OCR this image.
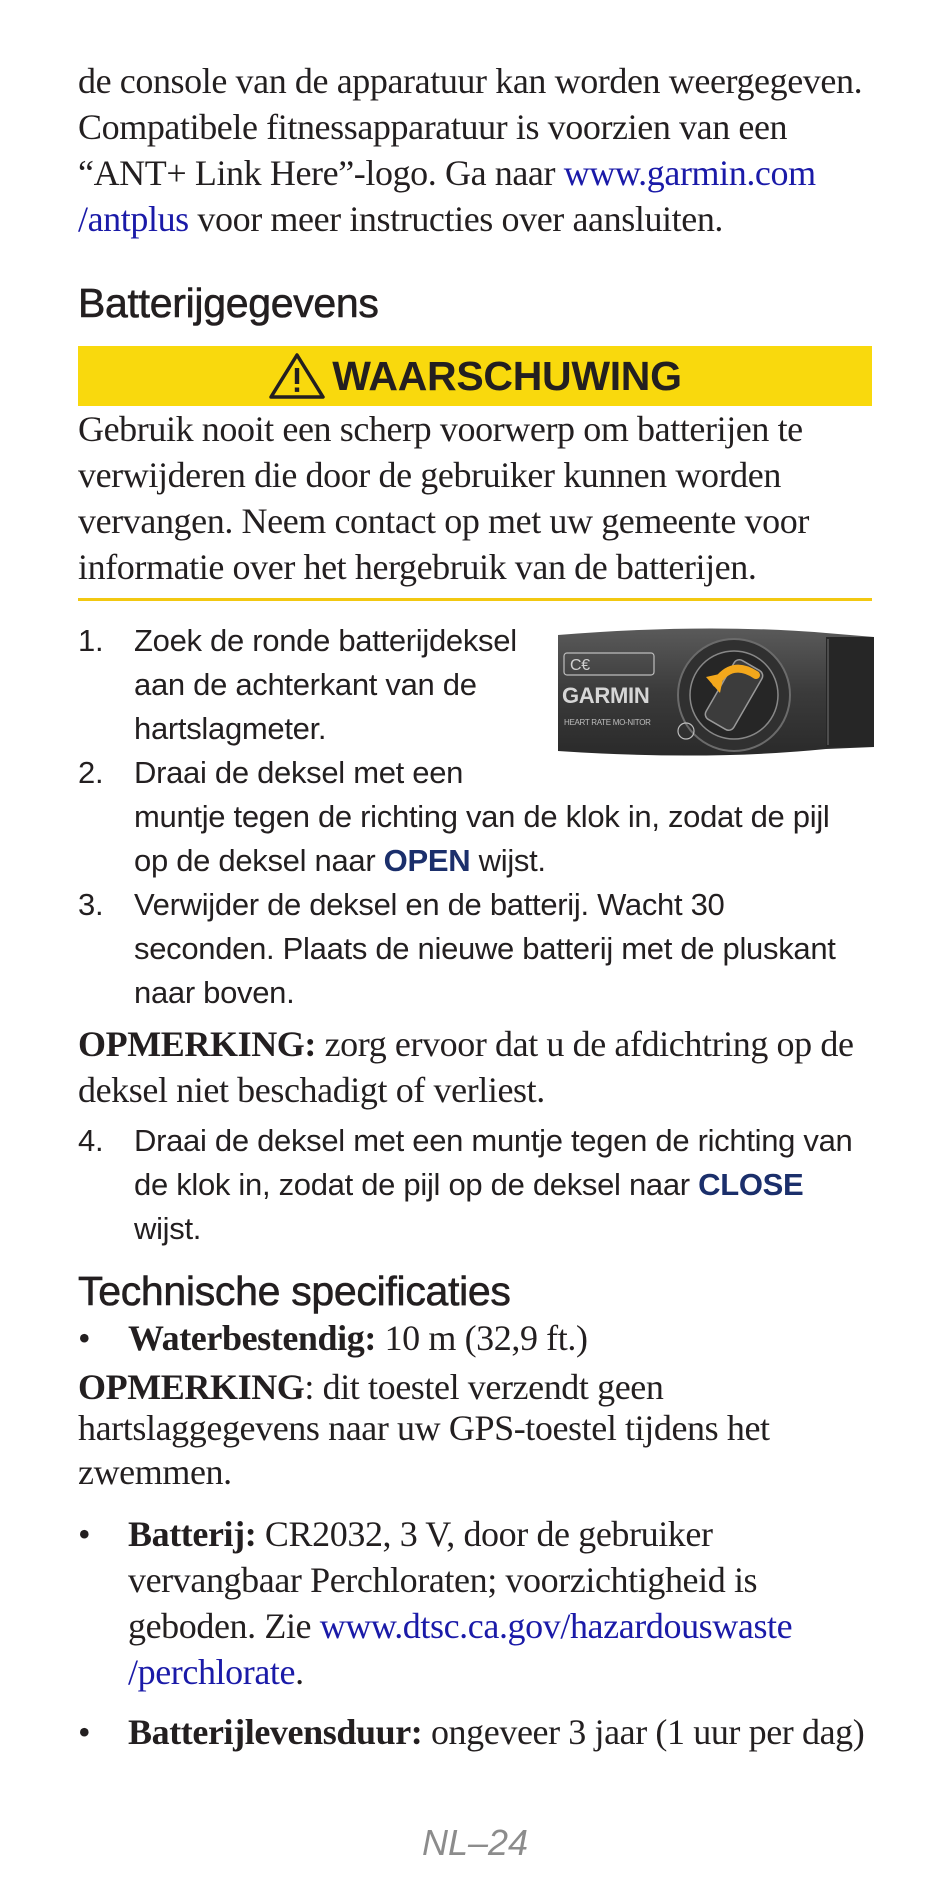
de console van de apparatuur kan worden weergegeven.

Compatibele fitnessapparatuur is voorzien van een

“ANT+ Link Here”-logo. Ga naar www.garmin.com

/antplus voor meer instructies over aansluiten.

Batterijgegevens
WAARSCHUWING

Gebruik nooit een scherp voorwerp om batterijen te

verwijderen die door de gebruiker kunnen worden

vervangen. Neem contact op met uw gemeente voor

informatie over het hergebruik van de batterijen.

C€
GARMIN
HEART RATE MO-NITOR
1. Zoek de ronde batterijdeksel

aan de achterkant van de

hartslagmeter.

2. Draai de deksel met een

muntje tegen de richting van de klok in, zodat de pijl

op de deksel naar OPEN wijst.

3. Verwijder de deksel en de batterij. Wacht 30

seconden. Plaats de nieuwe batterij met de pluskant

naar boven.

OPMERKING: zorg ervoor dat u de afdichtring op de

deksel niet beschadigt of verliest.

4. Draai de deksel met een muntje tegen de richting van

de klok in, zodat de pijl op de deksel naar CLOSE

wijst.

Technische specificaties
•	Waterbestendig: 10 m (32,9 ft.)

OPMERKING: dit toestel verzendt geen

hartslaggegevens naar uw GPS-toestel tijdens het

zwemmen.

•	Batterij: CR2032, 3 V, door de gebruiker

vervangbaar Perchloraten; voorzichtigheid is

geboden. Zie www.dtsc.ca.gov/hazardouswaste

/perchlorate.

•	Batterijlevensduur: ongeveer 3 jaar (1 uur per dag)
NL–24
